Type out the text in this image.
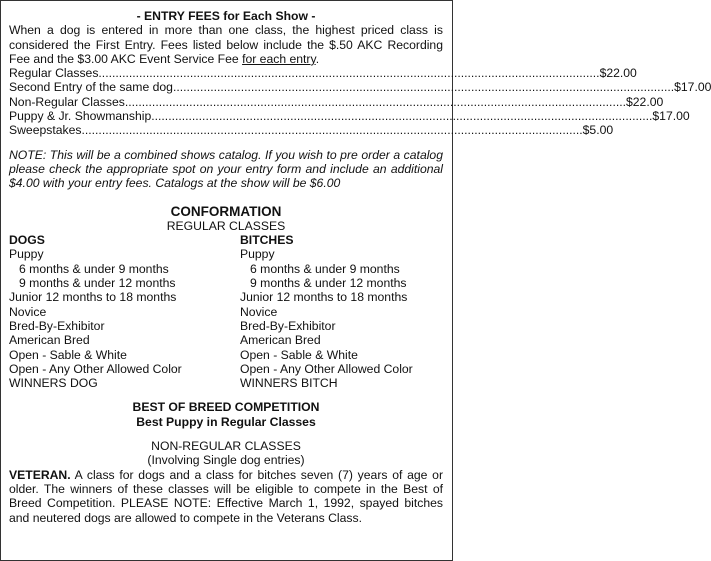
- ENTRY FEES for Each Show -

When a dog is entered in more than one class, the highest priced class is considered the First Entry. Fees listed below include the $.50 AKC Recording Fee and the $3.00 AKC Event Service Fee for each entry.

Regular Classes .................................................................................................................................................... $22.00
Second Entry of the same dog .................................................................................................................................................... $17.00
Non-Regular Classes .................................................................................................................................................... $22.00
Puppy & Jr. Showmanship .................................................................................................................................................... $17.00
Sweepstakes .................................................................................................................................................... $5.00

NOTE: This will be a combined shows catalog. If you wish to pre order a catalog please check the appropriate spot on your entry form and include an additional $4.00 with your entry fees. Catalogs at the show will be $6.00

CONFORMATION

REGULAR CLASSES

DOGS

Puppy

6 months & under 9 months

9 months & under 12 months

Junior 12 months to 18 months

Novice

Bred-By-Exhibitor

American Bred

Open - Sable & White

Open - Any Other Allowed Color

WINNERS DOG

BITCHES

Puppy

6 months & under 9 months

9 months & under 12 months

Junior 12 months to 18 months

Novice

Bred-By-Exhibitor

American Bred

Open - Sable & White

Open - Any Other Allowed Color

WINNERS BITCH

BEST OF BREED COMPETITION

Best Puppy in Regular Classes

NON-REGULAR CLASSES

(Involving Single dog entries)

VETERAN. A class for dogs and a class for bitches seven (7) years of age or older. The winners of these classes will be eligible to compete in the Best of Breed Competition. PLEASE NOTE: Effective March 1, 1992, spayed bitches and neutered dogs are allowed to compete in the Veterans Class.
